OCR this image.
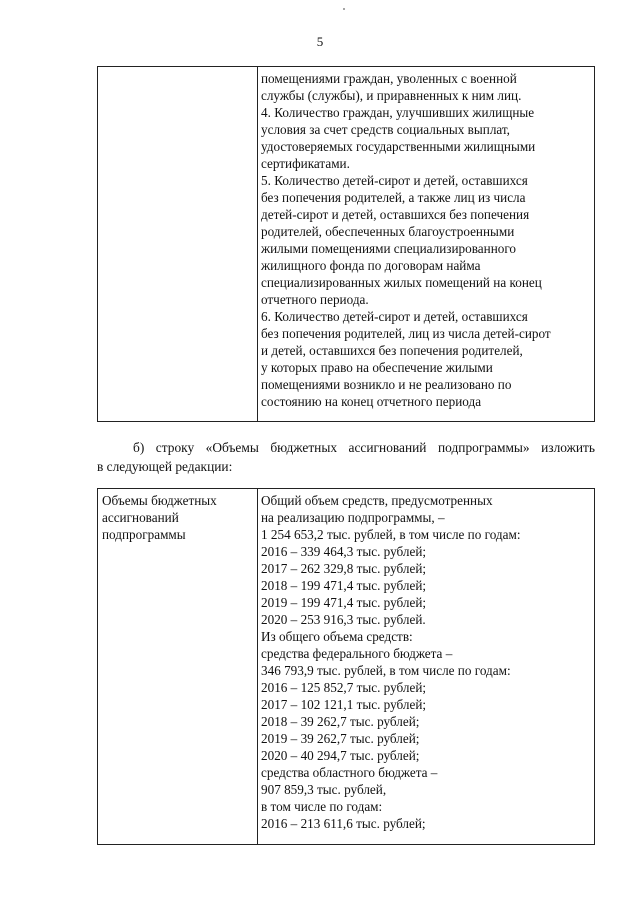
5
помещениями граждан, уволенных с военной
службы (службы), и приравненных к ним лиц.
4. Количество граждан, улучшивших жилищные
условия за счет средств социальных выплат,
удостоверяемых государственными жилищными
сертификатами.
5. Количество детей-сирот и детей, оставшихся
без попечения родителей, а также лиц из числа
детей-сирот и детей, оставшихся без попечения
родителей, обеспеченных благоустроенными
жилыми помещениями специализированного
жилищного фонда по договорам найма
специализированных жилых помещений на конец
отчетного периода.
6. Количество детей-сирот и детей, оставшихся
без попечения родителей, лиц из числа детей-сирот
и детей, оставшихся без попечения родителей,
у которых право на обеспечение жилыми
помещениями возникло и не реализовано по
состоянию на конец отчетного периода
б) строку «Объемы бюджетных ассигнований подпрограммы» изложить
в следующей редакции:
Объемы бюджетных
ассигнований
подпрограммы
Общий объем средств, предусмотренных
на реализацию подпрограммы, –
1 254 653,2 тыс. рублей, в том числе по годам:
2016 – 339 464,3 тыс. рублей;
2017 – 262 329,8 тыс. рублей;
2018 – 199 471,4 тыс. рублей;
2019 – 199 471,4 тыс. рублей;
2020 – 253 916,3 тыс. рублей.
Из общего объема средств:
средства федерального бюджета –
346 793,9 тыс. рублей, в том числе по годам:
2016 – 125 852,7 тыс. рублей;
2017 – 102 121,1 тыс. рублей;
2018 – 39 262,7 тыс. рублей;
2019 – 39 262,7 тыс. рублей;
2020 – 40 294,7 тыс. рублей;
средства областного бюджета –
907 859,3 тыс. рублей,
в том числе по годам:
2016 – 213 611,6 тыс. рублей;
